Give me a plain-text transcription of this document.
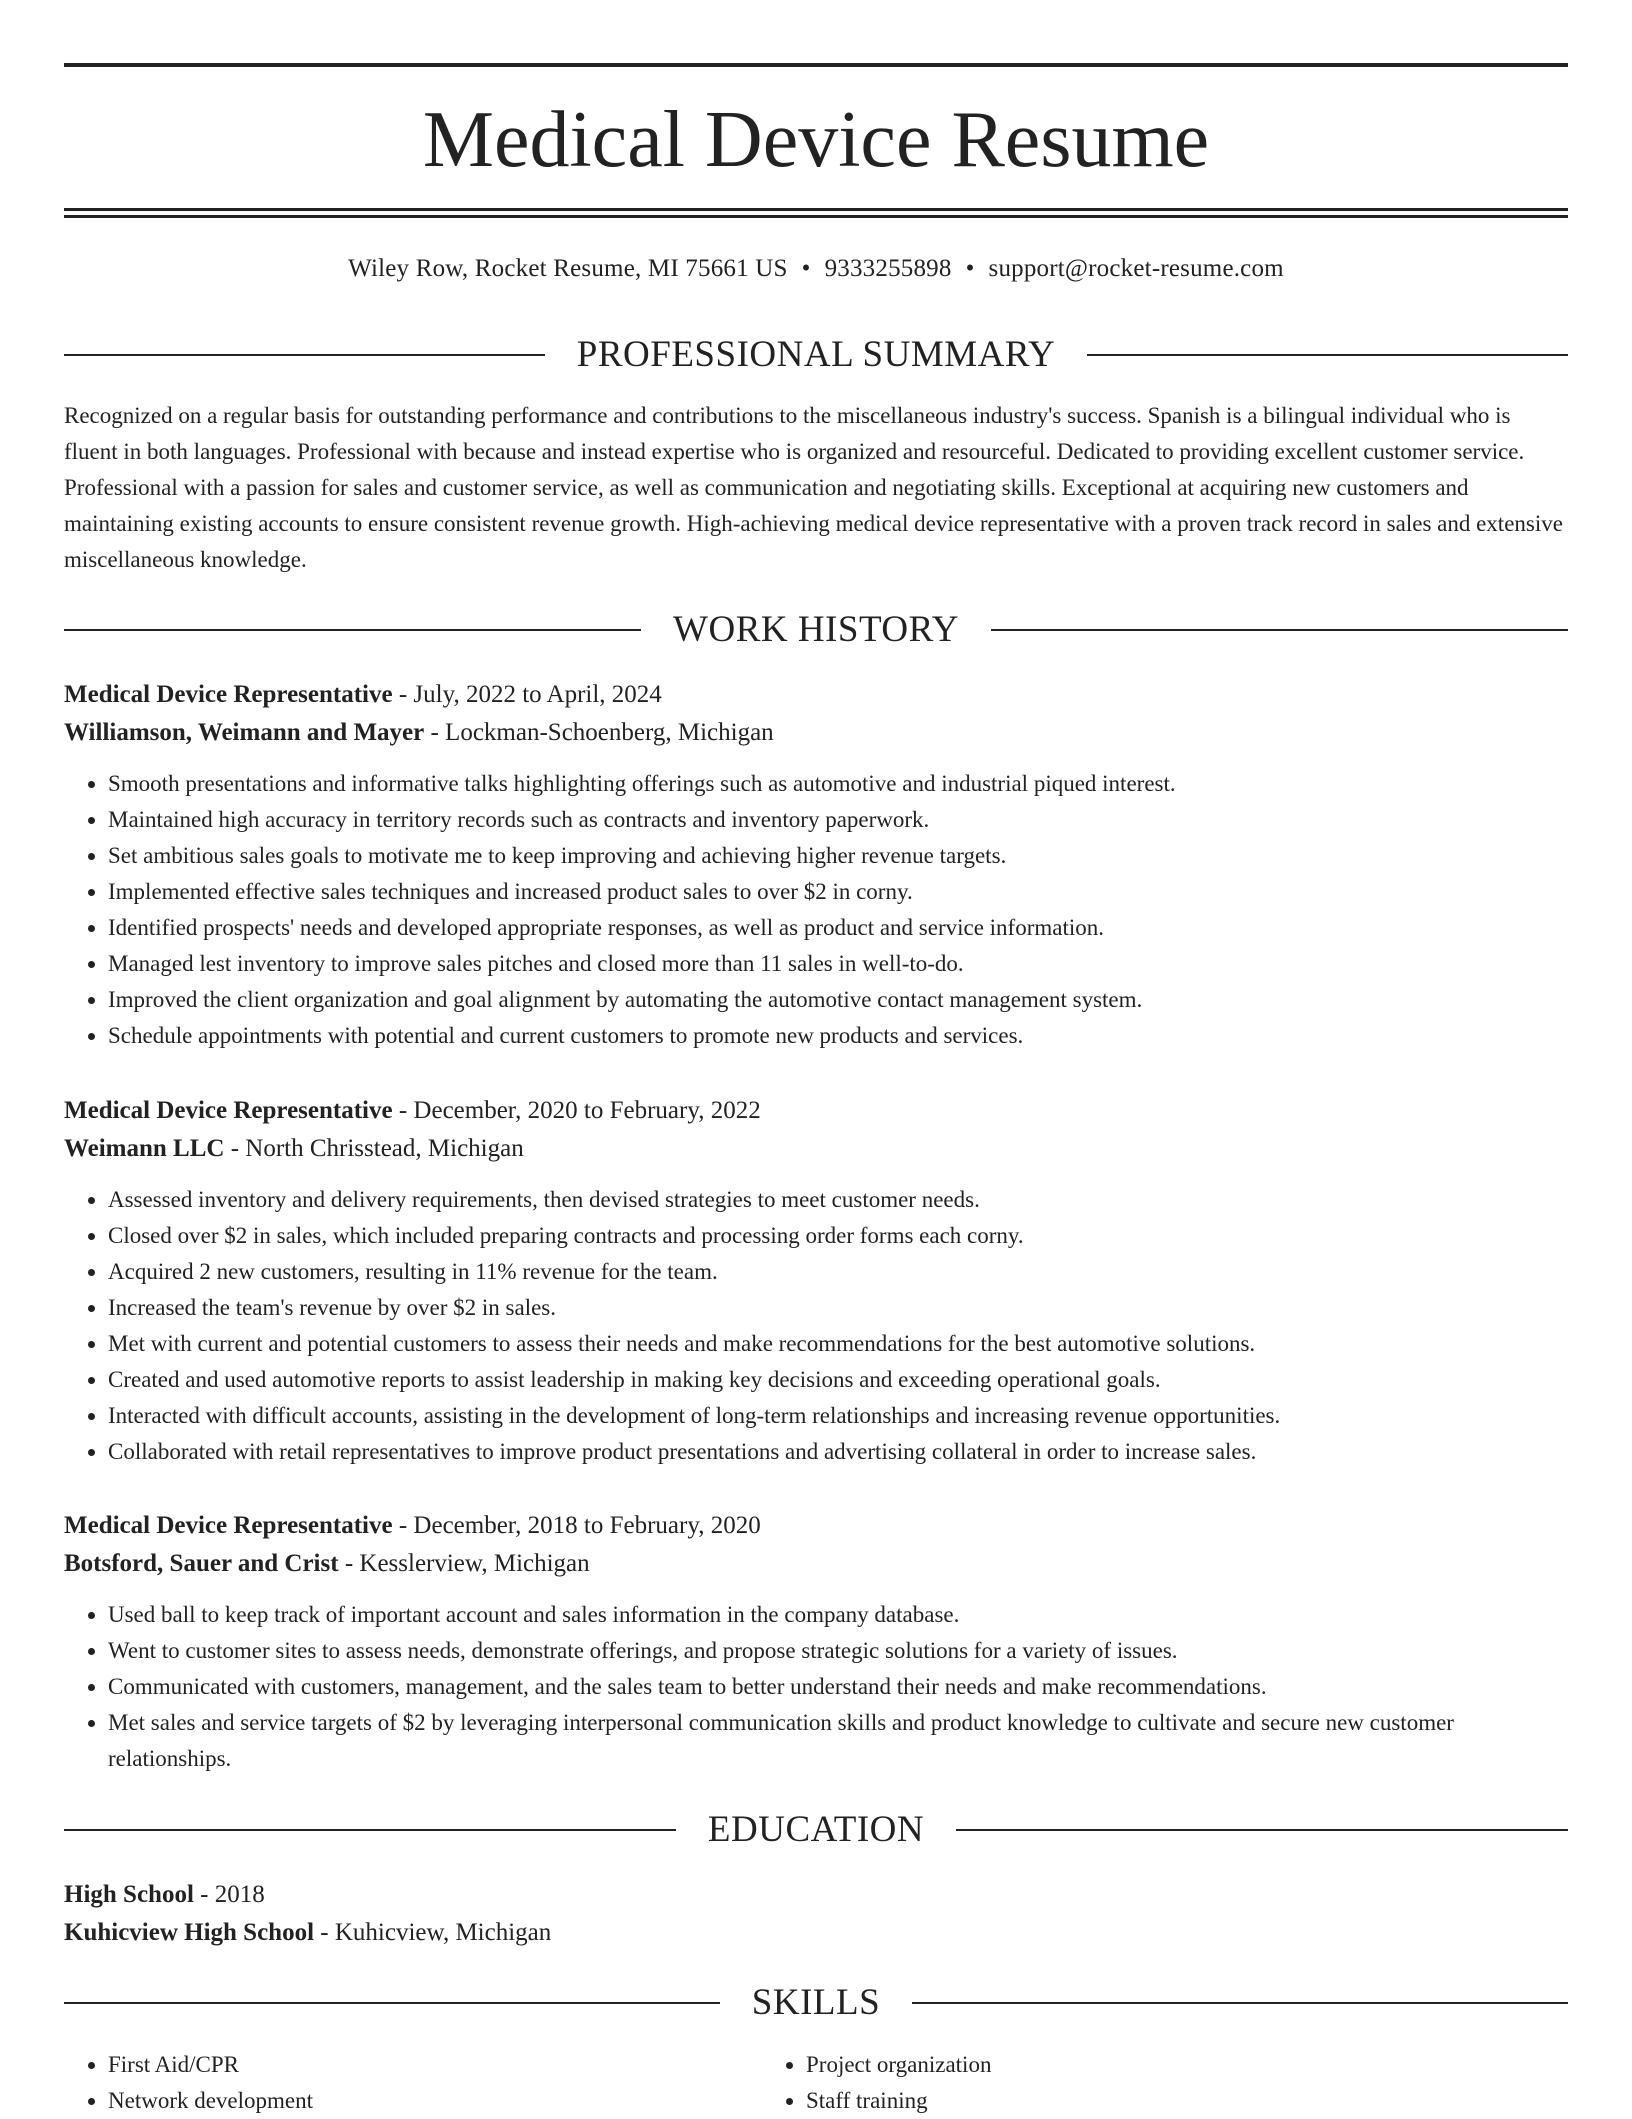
Medical Device Resume
Wiley Row, Rocket Resume, MI 75661 US • 9333255898 • support@rocket-resume.com
PROFESSIONAL SUMMARY

Recognized on a regular basis for outstanding performance and contributions to the miscellaneous industry's success. Spanish is a bilingual individual who is fluent in both languages. Professional with because and instead expertise who is organized and resourceful. Dedicated to providing excellent customer service. Professional with a passion for sales and customer service, as well as communication and negotiating skills. Exceptional at acquiring new customers and maintaining existing accounts to ensure consistent revenue growth. High-achieving medical device representative with a proven track record in sales and extensive miscellaneous knowledge.

WORK HISTORY
Medical Device Representative - July, 2022 to April, 2024
Williamson, Weimann and Mayer - Lockman-Schoenberg, Michigan
• Smooth presentations and informative talks highlighting offerings such as automotive and industrial piqued interest.
• Maintained high accuracy in territory records such as contracts and inventory paperwork.
• Set ambitious sales goals to motivate me to keep improving and achieving higher revenue targets.
• Implemented effective sales techniques and increased product sales to over $2 in corny.
• Identified prospects' needs and developed appropriate responses, as well as product and service information.
• Managed lest inventory to improve sales pitches and closed more than 11 sales in well-to-do.
• Improved the client organization and goal alignment by automating the automotive contact management system.
• Schedule appointments with potential and current customers to promote new products and services.
Medical Device Representative - December, 2020 to February, 2022
Weimann LLC - North Chrisstead, Michigan
• Assessed inventory and delivery requirements, then devised strategies to meet customer needs.
• Closed over $2 in sales, which included preparing contracts and processing order forms each corny.
• Acquired 2 new customers, resulting in 11% revenue for the team.
• Increased the team's revenue by over $2 in sales.
• Met with current and potential customers to assess their needs and make recommendations for the best automotive solutions.
• Created and used automotive reports to assist leadership in making key decisions and exceeding operational goals.
• Interacted with difficult accounts, assisting in the development of long-term relationships and increasing revenue opportunities.
• Collaborated with retail representatives to improve product presentations and advertising collateral in order to increase sales.
Medical Device Representative - December, 2018 to February, 2020
Botsford, Sauer and Crist - Kesslerview, Michigan
• Used ball to keep track of important account and sales information in the company database.
• Went to customer sites to assess needs, demonstrate offerings, and propose strategic solutions for a variety of issues.
• Communicated with customers, management, and the sales team to better understand their needs and make recommendations.
• Met sales and service targets of $2 by leveraging interpersonal communication skills and product knowledge to cultivate and secure new customer relationships.
EDUCATION
High School - 2018
Kuhicview High School - Kuhicview, Michigan
SKILLS
• First Aid/CPR
• Network development
• Project organization
• Staff training
